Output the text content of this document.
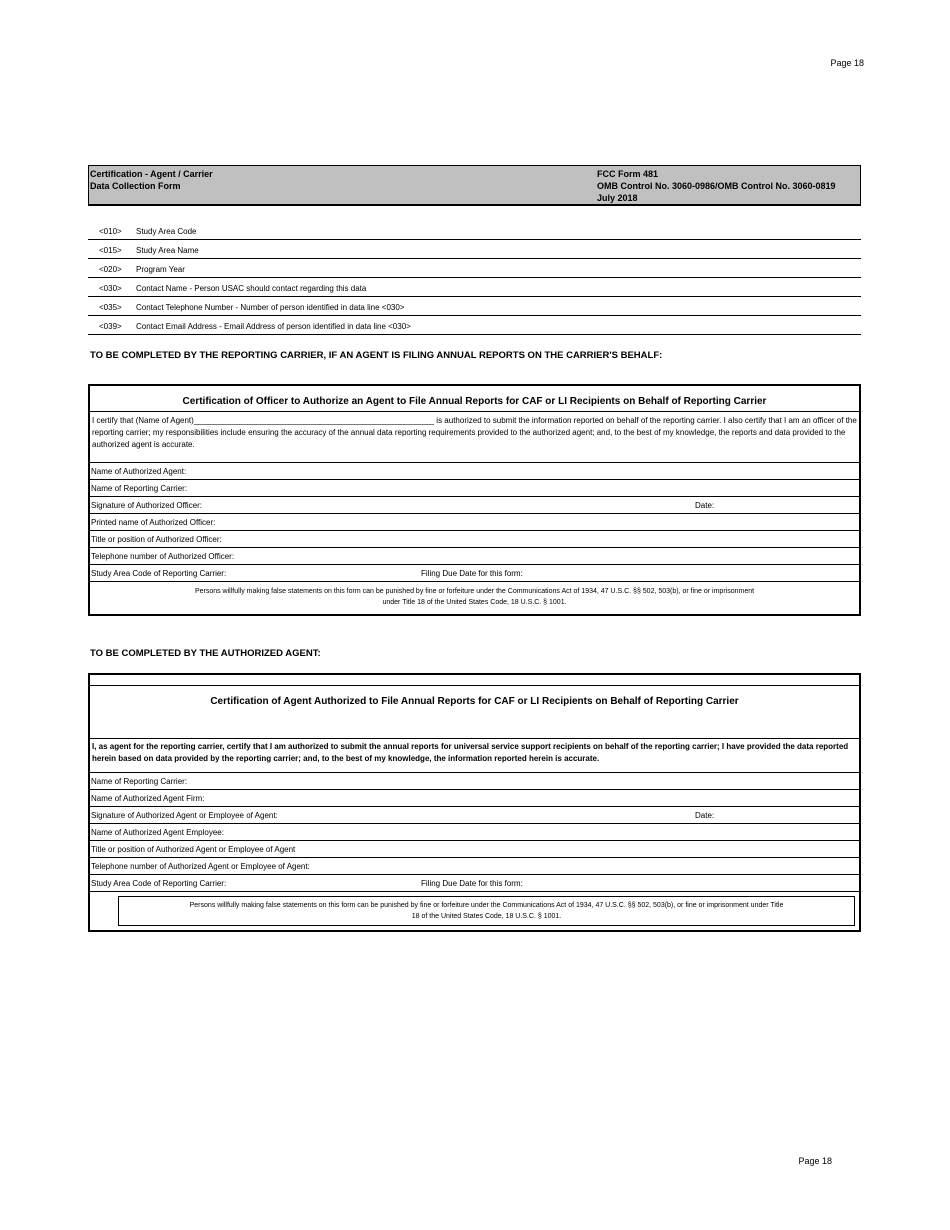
Page 18
Certification - Agent / Carrier
Data Collection Form
FCC Form 481
OMB Control No. 3060-0986/OMB Control No. 3060-0819
July 2018
<010> Study Area Code
<015> Study Area Name
<020> Program Year
<030> Contact Name - Person USAC should contact regarding this data
<035> Contact Telephone Number - Number of person identified in data line <030>
<039> Contact Email Address - Email Address of person identified in data line <030>
TO BE COMPLETED BY THE REPORTING CARRIER, IF AN AGENT IS FILING ANNUAL REPORTS ON THE CARRIER'S BEHALF:
Certification of Officer to Authorize an Agent to File Annual Reports for CAF or LI Recipients on Behalf of Reporting Carrier
I certify that (Name of Agent)______________________________________________________ is authorized to submit the information reported on behalf of the reporting carrier. I also certify that I am an officer of the reporting carrier; my responsibilities include ensuring the accuracy of the annual data reporting requirements provided to the authorized agent; and, to the best of my knowledge, the reports and data provided to the authorized agent is accurate.
Name of Authorized Agent:
Name of Reporting Carrier:
Signature of Authorized Officer:	Date:
Printed name of Authorized Officer:
Title or position of Authorized Officer:
Telephone number of Authorized Officer:
Study Area Code of Reporting Carrier:	Filing Due Date for this form:
Persons willfully making false statements on this form can be punished by fine or forfeiture under the Communications Act of 1934, 47 U.S.C. §§ 502, 503(b), or fine or imprisonment
under Title 18 of the United States Code, 18 U.S.C. § 1001.
TO BE COMPLETED BY THE AUTHORIZED AGENT:
Certification of Agent Authorized to File Annual Reports for CAF or LI Recipients on Behalf of Reporting Carrier
I, as agent for the reporting carrier, certify that I am authorized to submit the annual reports for universal service support recipients on behalf of the reporting carrier; I have provided the data reported herein based on data provided by the reporting carrier; and, to the best of my knowledge, the information reported herein is accurate.
Name of Reporting Carrier:
Name of Authorized Agent Firm:
Signature of Authorized Agent or Employee of Agent:	Date:
Name of Authorized Agent Employee:
Title or position of Authorized Agent or Employee of Agent
Telephone number of Authorized Agent or Employee of Agent:
Study Area Code of Reporting Carrier:	Filing Due Date for this form:
Persons willfully making false statements on this form can be punished by fine or forfeiture under the Communications Act of 1934, 47 U.S.C. §§ 502, 503(b), or fine or imprisonment under Title
18 of the United States Code, 18 U.S.C. § 1001.
Page 18
